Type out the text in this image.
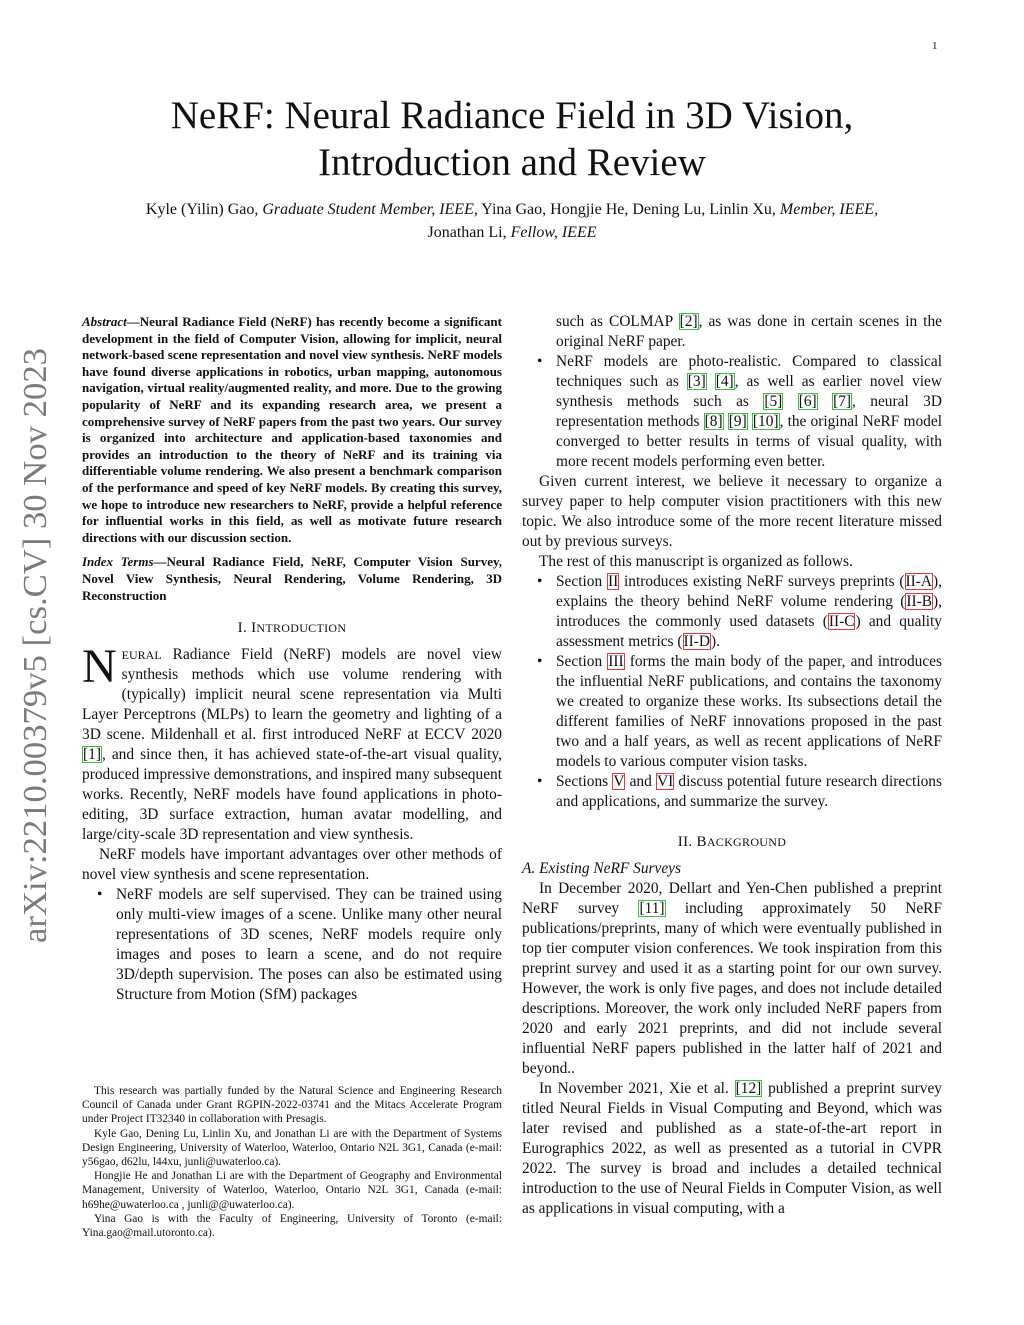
1
NeRF: Neural Radiance Field in 3D Vision,
Introduction and Review
Kyle (Yilin) Gao, Graduate Student Member, IEEE, Yina Gao, Hongjie He, Dening Lu, Linlin Xu, Member, IEEE, Jonathan Li, Fellow, IEEE
arXiv:2210.00379v5 [cs.CV] 30 Nov 2023

Abstract—Neural Radiance Field (NeRF) has recently become a significant development in the field of Computer Vision, allowing for implicit, neural network-based scene representation and novel view synthesis. NeRF models have found diverse applications in robotics, urban mapping, autonomous navigation, virtual reality/augmented reality, and more. Due to the growing popularity of NeRF and its expanding research area, we present a comprehensive survey of NeRF papers from the past two years. Our survey is organized into architecture and application-based taxonomies and provides an introduction to the theory of NeRF and its training via differentiable volume rendering. We also present a benchmark comparison of the performance and speed of key NeRF models. By creating this survey, we hope to introduce new researchers to NeRF, provide a helpful reference for influential works in this field, as well as motivate future research directions with our discussion section.

Index Terms—Neural Radiance Field, NeRF, Computer Vision Survey, Novel View Synthesis, Neural Rendering, Volume Rendering, 3D Reconstruction

I. INTRODUCTION

NEURAL Radiance Field (NeRF) models are novel view synthesis methods which use volume rendering with (typically) implicit neural scene representation via Multi Layer Perceptrons (MLPs) to learn the geometry and lighting of a 3D scene. Mildenhall et al. first introduced NeRF at ECCV 2020 [1], and since then, it has achieved state-of-the-art visual quality, produced impressive demonstrations, and inspired many subsequent works. Recently, NeRF models have found applications in photo-editing, 3D surface extraction, human avatar modelling, and large/city-scale 3D representation and view synthesis.

NeRF models have important advantages over other methods of novel view synthesis and scene representation.

• NeRF models are self supervised. They can be trained using only multi-view images of a scene. Unlike many other neural representations of 3D scenes, NeRF models require only images and poses to learn a scene, and do not require 3D/depth supervision. The poses can also be estimated using Structure from Motion (SfM) packages

This research was partially funded by the Natural Science and Engineering Research Council of Canada under Grant RGPIN-2022-03741 and the Mitacs Accelerate Program under Project IT32340 in collaboration with Presagis.

Kyle Gao, Dening Lu, Linlin Xu, and Jonathan Li are with the Department of Systems Design Engineering, University of Waterloo, Waterloo, Ontario N2L 3G1, Canada (e-mail: y56gao, d62lu, l44xu, junli@uwaterloo.ca).

Hongjie He and Jonathan Li are with the Department of Geography and Environmental Management, University of Waterloo, Waterloo, Ontario N2L 3G1, Canada (e-mail: h69he@uwaterloo.ca , junli@@uwaterloo.ca).

Yina Gao is with the Faculty of Engineering, University of Toronto (e-mail: Yina.gao@mail.utoronto.ca).

such as COLMAP [2], as was done in certain scenes in the original NeRF paper.
• NeRF models are photo-realistic. Compared to classical techniques such as [3] [4], as well as earlier novel view synthesis methods such as [5] [6] [7], neural 3D representation methods [8] [9] [10], the original NeRF model converged to better results in terms of visual quality, with more recent models performing even better.

Given current interest, we believe it necessary to organize a survey paper to help computer vision practitioners with this new topic. We also introduce some of the more recent literature missed out by previous surveys.

The rest of this manuscript is organized as follows.

• Section II introduces existing NeRF surveys preprints (II-A), explains the theory behind NeRF volume rendering (II-B), introduces the commonly used datasets (II-C) and quality assessment metrics (II-D).
• Section III forms the main body of the paper, and introduces the influential NeRF publications, and contains the taxonomy we created to organize these works. Its subsections detail the different families of NeRF innovations proposed in the past two and a half years, as well as recent applications of NeRF models to various computer vision tasks.
• Sections V and VI discuss potential future research directions and applications, and summarize the survey.
II. BACKGROUND

A. Existing NeRF Surveys

In December 2020, Dellart and Yen-Chen published a preprint NeRF survey [11] including approximately 50 NeRF publications/preprints, many of which were eventually published in top tier computer vision conferences. We took inspiration from this preprint survey and used it as a starting point for our own survey. However, the work is only five pages, and does not include detailed descriptions. Moreover, the work only included NeRF papers from 2020 and early 2021 preprints, and did not include several influential NeRF papers published in the latter half of 2021 and beyond..

In November 2021, Xie et al. [12] published a preprint survey titled Neural Fields in Visual Computing and Beyond, which was later revised and published as a state-of-the-art report in Eurographics 2022, as well as presented as a tutorial in CVPR 2022. The survey is broad and includes a detailed technical introduction to the use of Neural Fields in Computer Vision, as well as applications in visual computing, with a
